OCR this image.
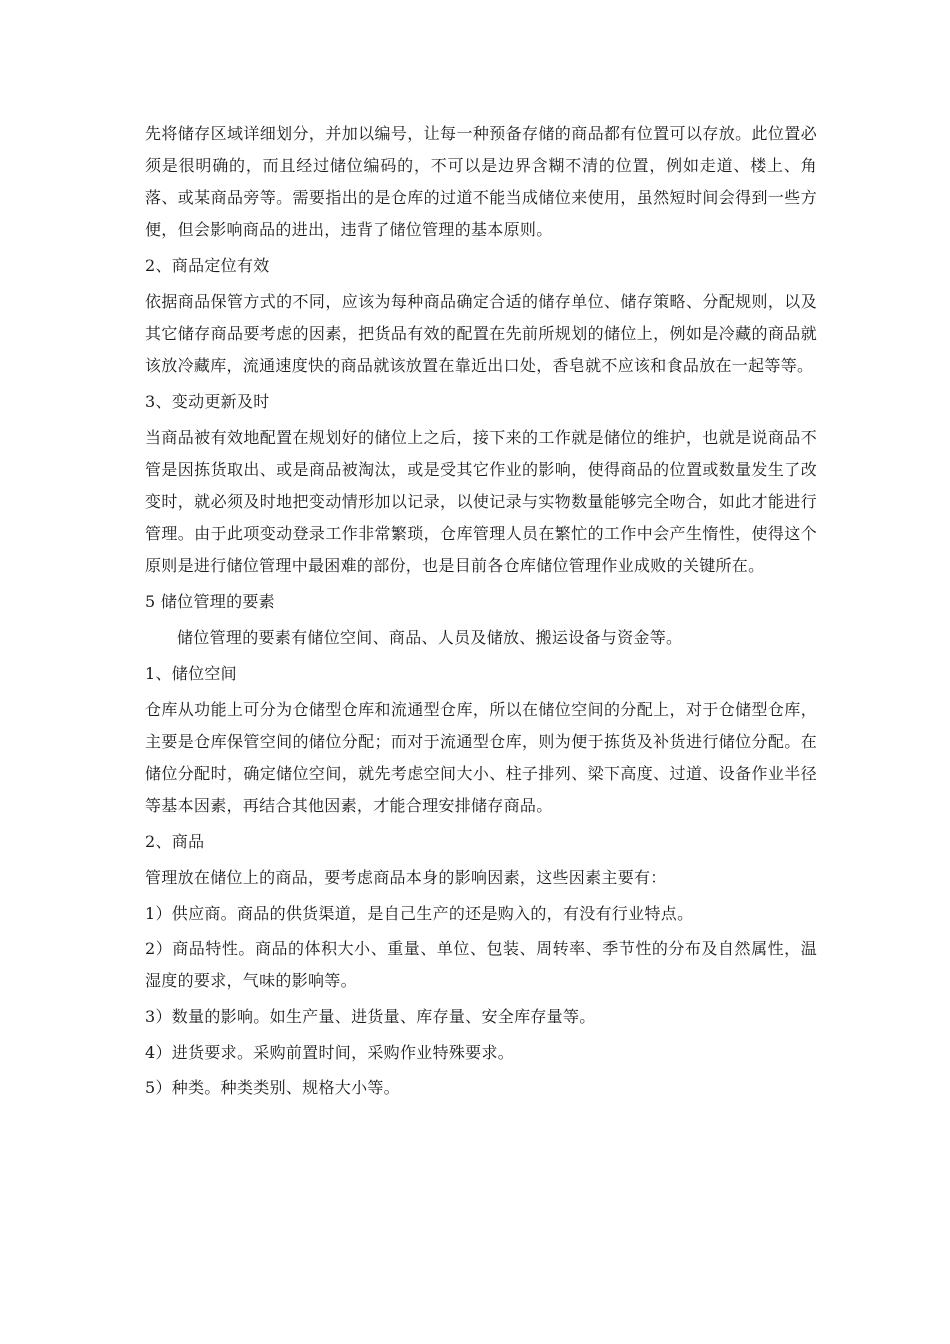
先将储存区域详细划分，并加以编号，让每一种预备存储的商品都有位置可以存放。此位置必须是很明确的，而且经过储位编码的，不可以是边界含糊不清的位置，例如走道、楼上、角落、或某商品旁等。需要指出的是仓库的过道不能当成储位来使用，虽然短时间会得到一些方便，但会影响商品的进出，违背了储位管理的基本原则。

2、商品定位有效

依据商品保管方式的不同，应该为每种商品确定合适的储存单位、储存策略、分配规则，以及其它储存商品要考虑的因素，把货品有效的配置在先前所规划的储位上，例如是冷藏的商品就该放冷藏库，流通速度快的商品就该放置在靠近出口处，香皂就不应该和食品放在一起等等。

3、变动更新及时

当商品被有效地配置在规划好的储位上之后，接下来的工作就是储位的维护，也就是说商品不管是因拣货取出、或是商品被淘汰，或是受其它作业的影响，使得商品的位置或数量发生了改变时，就必须及时地把变动情形加以记录，以使记录与实物数量能够完全吻合，如此才能进行管理。由于此项变动登录工作非常繁琐，仓库管理人员在繁忙的工作中会产生惰性，使得这个原则是进行储位管理中最困难的部份，也是目前各仓库储位管理作业成败的关键所在。

5 储位管理的要素

储位管理的要素有储位空间、商品、人员及储放、搬运设备与资金等。

1、储位空间

仓库从功能上可分为仓储型仓库和流通型仓库，所以在储位空间的分配上，对于仓储型仓库，主要是仓库保管空间的储位分配；而对于流通型仓库，则为便于拣货及补货进行储位分配。在储位分配时，确定储位空间，就先考虑空间大小、柱子排列、梁下高度、过道、设备作业半径等基本因素，再结合其他因素，才能合理安排储存商品。

2、商品

管理放在储位上的商品，要考虑商品本身的影响因素，这些因素主要有：

1）供应商。商品的供货渠道，是自己生产的还是购入的，有没有行业特点。

2）商品特性。商品的体积大小、重量、单位、包装、周转率、季节性的分布及自然属性，温湿度的要求，气味的影响等。

3）数量的影响。如生产量、进货量、库存量、安全库存量等。

4）进货要求。采购前置时间，采购作业特殊要求。

5）种类。种类类别、规格大小等。
